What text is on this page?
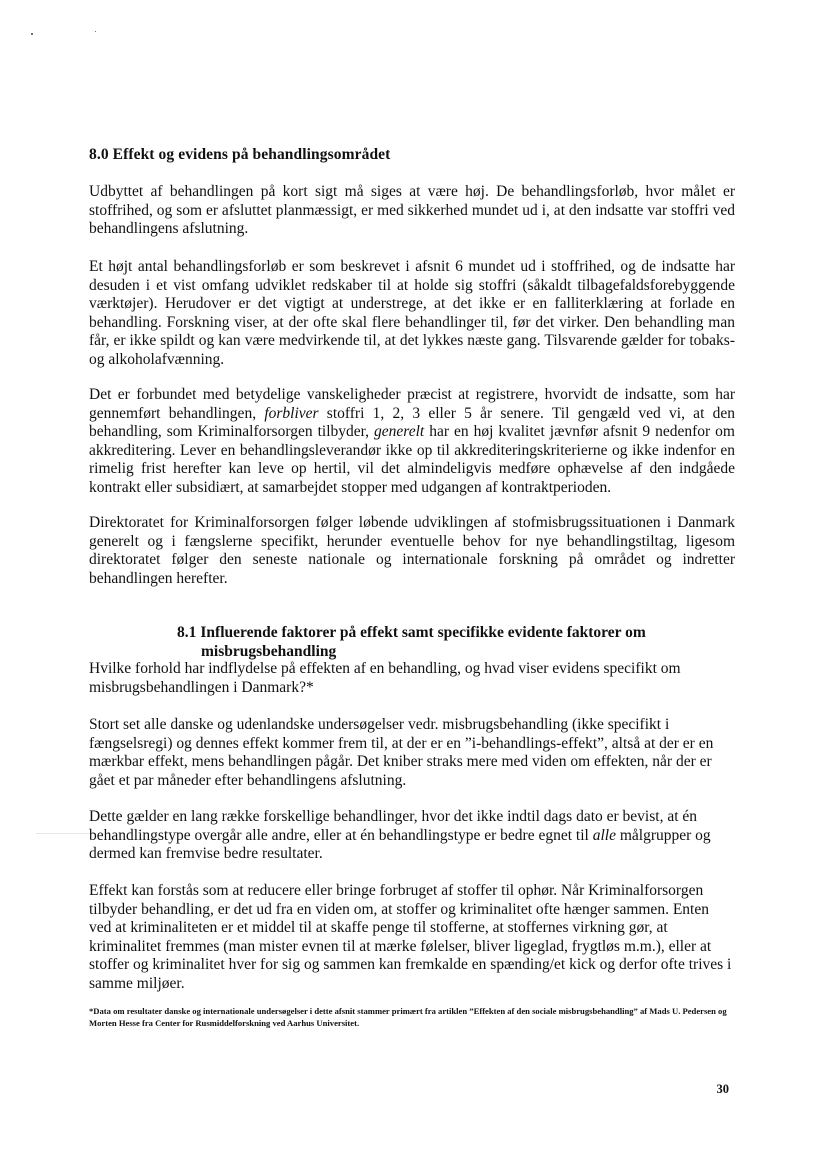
8.0 Effekt og evidens på behandlingsområdet

Udbyttet af behandlingen på kort sigt må siges at være høj. De behandlingsforløb, hvor målet er stoffrihed, og som er afsluttet planmæssigt, er med sikkerhed mundet ud i, at den indsatte var stoffri ved behandlingens afslutning.

Et højt antal behandlingsforløb er som beskrevet i afsnit 6 mundet ud i stoffrihed, og de indsatte har desuden i et vist omfang udviklet redskaber til at holde sig stoffri (såkaldt tilbagefaldsforebyggende værktøjer). Herudover er det vigtigt at understrege, at det ikke er en falliterklæring at forlade en behandling. Forskning viser, at der ofte skal flere behandlinger til, før det virker. Den behandling man får, er ikke spildt og kan være medvirkende til, at det lykkes næste gang. Tilsvarende gælder for tobaks- og alkoholafvænning.

Det er forbundet med betydelige vanskeligheder præcist at registrere, hvorvidt de indsatte, som har gennemført behandlingen, forbliver stoffri 1, 2, 3 eller 5 år senere. Til gengæld ved vi, at den behandling, som Kriminalforsorgen tilbyder, generelt har en høj kvalitet jævnfør afsnit 9 nedenfor om akkreditering. Lever en behandlingsleverandør ikke op til akkrediteringskriterierne og ikke indenfor en rimelig frist herefter kan leve op hertil, vil det almindeligvis medføre ophævelse af den indgåede kontrakt eller subsidiært, at samarbejdet stopper med udgangen af kontraktperioden.

Direktoratet for Kriminalforsorgen følger løbende udviklingen af stofmisbrugssituationen i Danmark generelt og i fængslerne specifikt, herunder eventuelle behov for nye behandlingstiltag, ligesom direktoratet følger den seneste nationale og internationale forskning på området og indretter behandlingen herefter.

8.1 Influerende faktorer på effekt samt specifikke evidente faktorer om
misbrugsbehandling

Hvilke forhold har indflydelse på effekten af en behandling, og hvad viser evidens specifikt om misbrugsbehandlingen i Danmark?*

Stort set alle danske og udenlandske undersøgelser vedr. misbrugsbehandling (ikke specifikt i fængselsregi) og dennes effekt kommer frem til, at der er en ”i-behandlings-effekt”, altså at der er en mærkbar effekt, mens behandlingen pågår. Det kniber straks mere med viden om effekten, når der er gået et par måneder efter behandlingens afslutning.

Dette gælder en lang række forskellige behandlinger, hvor det ikke indtil dags dato er bevist, at én behandlingstype overgår alle andre, eller at én behandlingstype er bedre egnet til alle målgrupper og dermed kan fremvise bedre resultater.

Effekt kan forstås som at reducere eller bringe forbruget af stoffer til ophør. Når Kriminalforsorgen tilbyder behandling, er det ud fra en viden om, at stoffer og kriminalitet ofte hænger sammen. Enten ved at kriminaliteten er et middel til at skaffe penge til stofferne, at stoffernes virkning gør, at kriminalitet fremmes (man mister evnen til at mærke følelser, bliver ligeglad, frygtløs m.m.), eller at stoffer og kriminalitet hver for sig og sammen kan fremkalde en spænding/et kick og derfor ofte trives i samme miljøer.

*Data om resultater danske og internationale undersøgelser i dette afsnit stammer primært fra artiklen ”Effekten af den sociale misbrugsbehandling” af Mads U. Pedersen og Morten Hesse fra Center for Rusmiddelforskning ved Aarhus Universitet.

30
